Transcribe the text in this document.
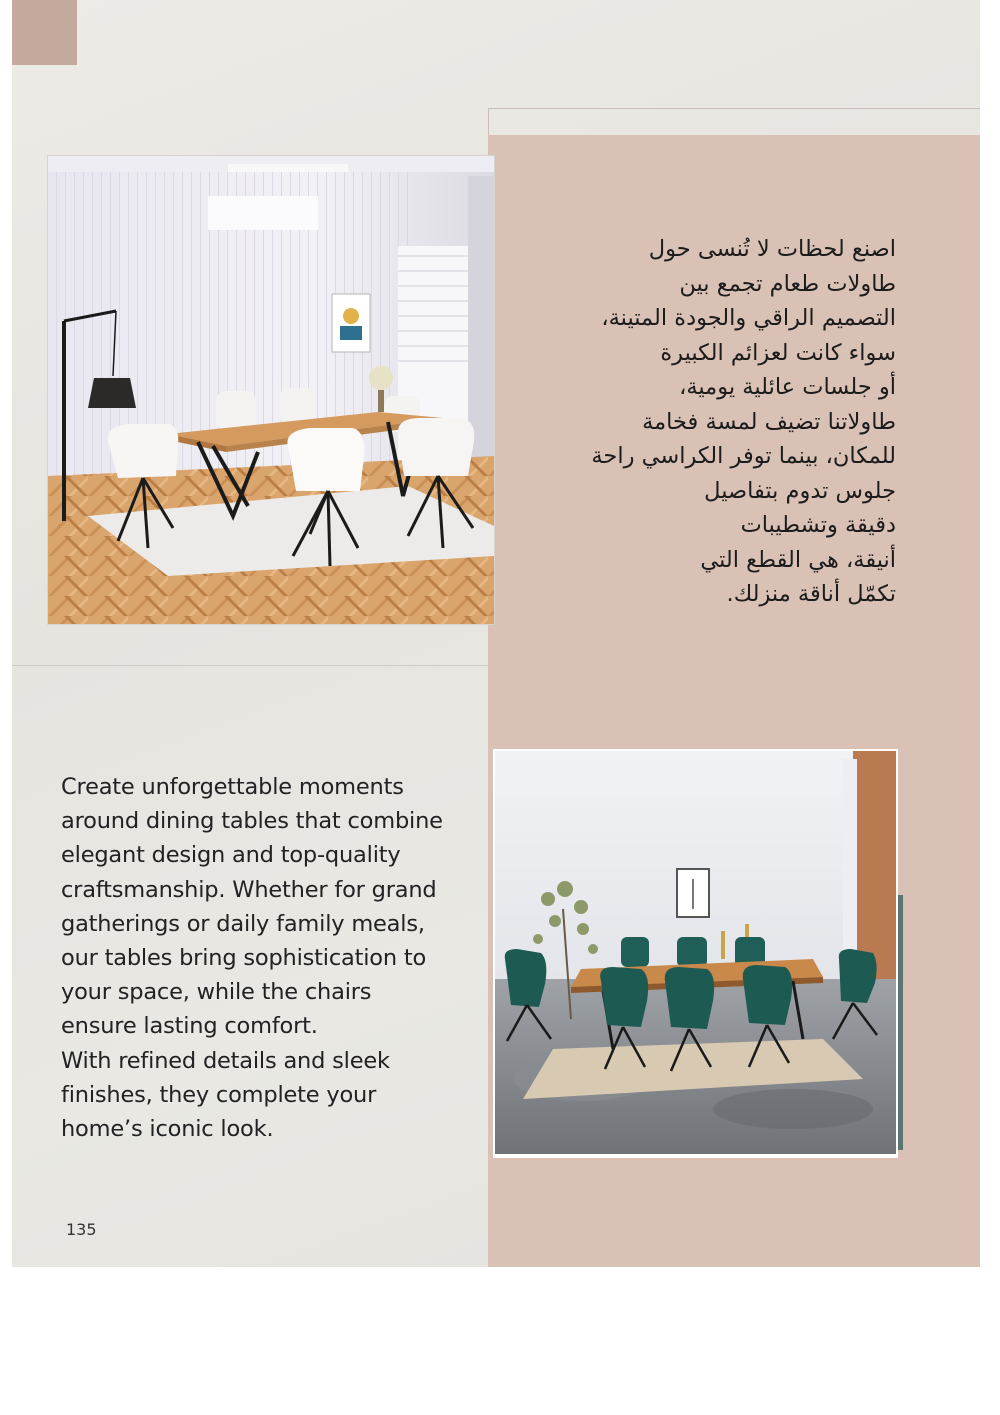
اصنع لحظات لا تُنسى حول

طاولات طعام تجمع بين

التصميم الراقي والجودة المتينة،

سواء كانت لعزائم الكبيرة

أو جلسات عائلية يومية،

طاولاتنا تضيف لمسة فخامة

للمكان، بينما توفر الكراسي راحة

جلوس تدوم بتفاصيل

دقيقة وتشطيبات

أنيقة، هي القطع التي

تكمّل أناقة منزلك.

Create unforgettable moments

around dining tables that combine

elegant design and top-quality

craftsmanship. Whether for grand

gatherings or daily family meals,

our tables bring sophistication to

your space, while the chairs

ensure lasting comfort.

With refined details and sleek

finishes, they complete your

home’s iconic look.

135
